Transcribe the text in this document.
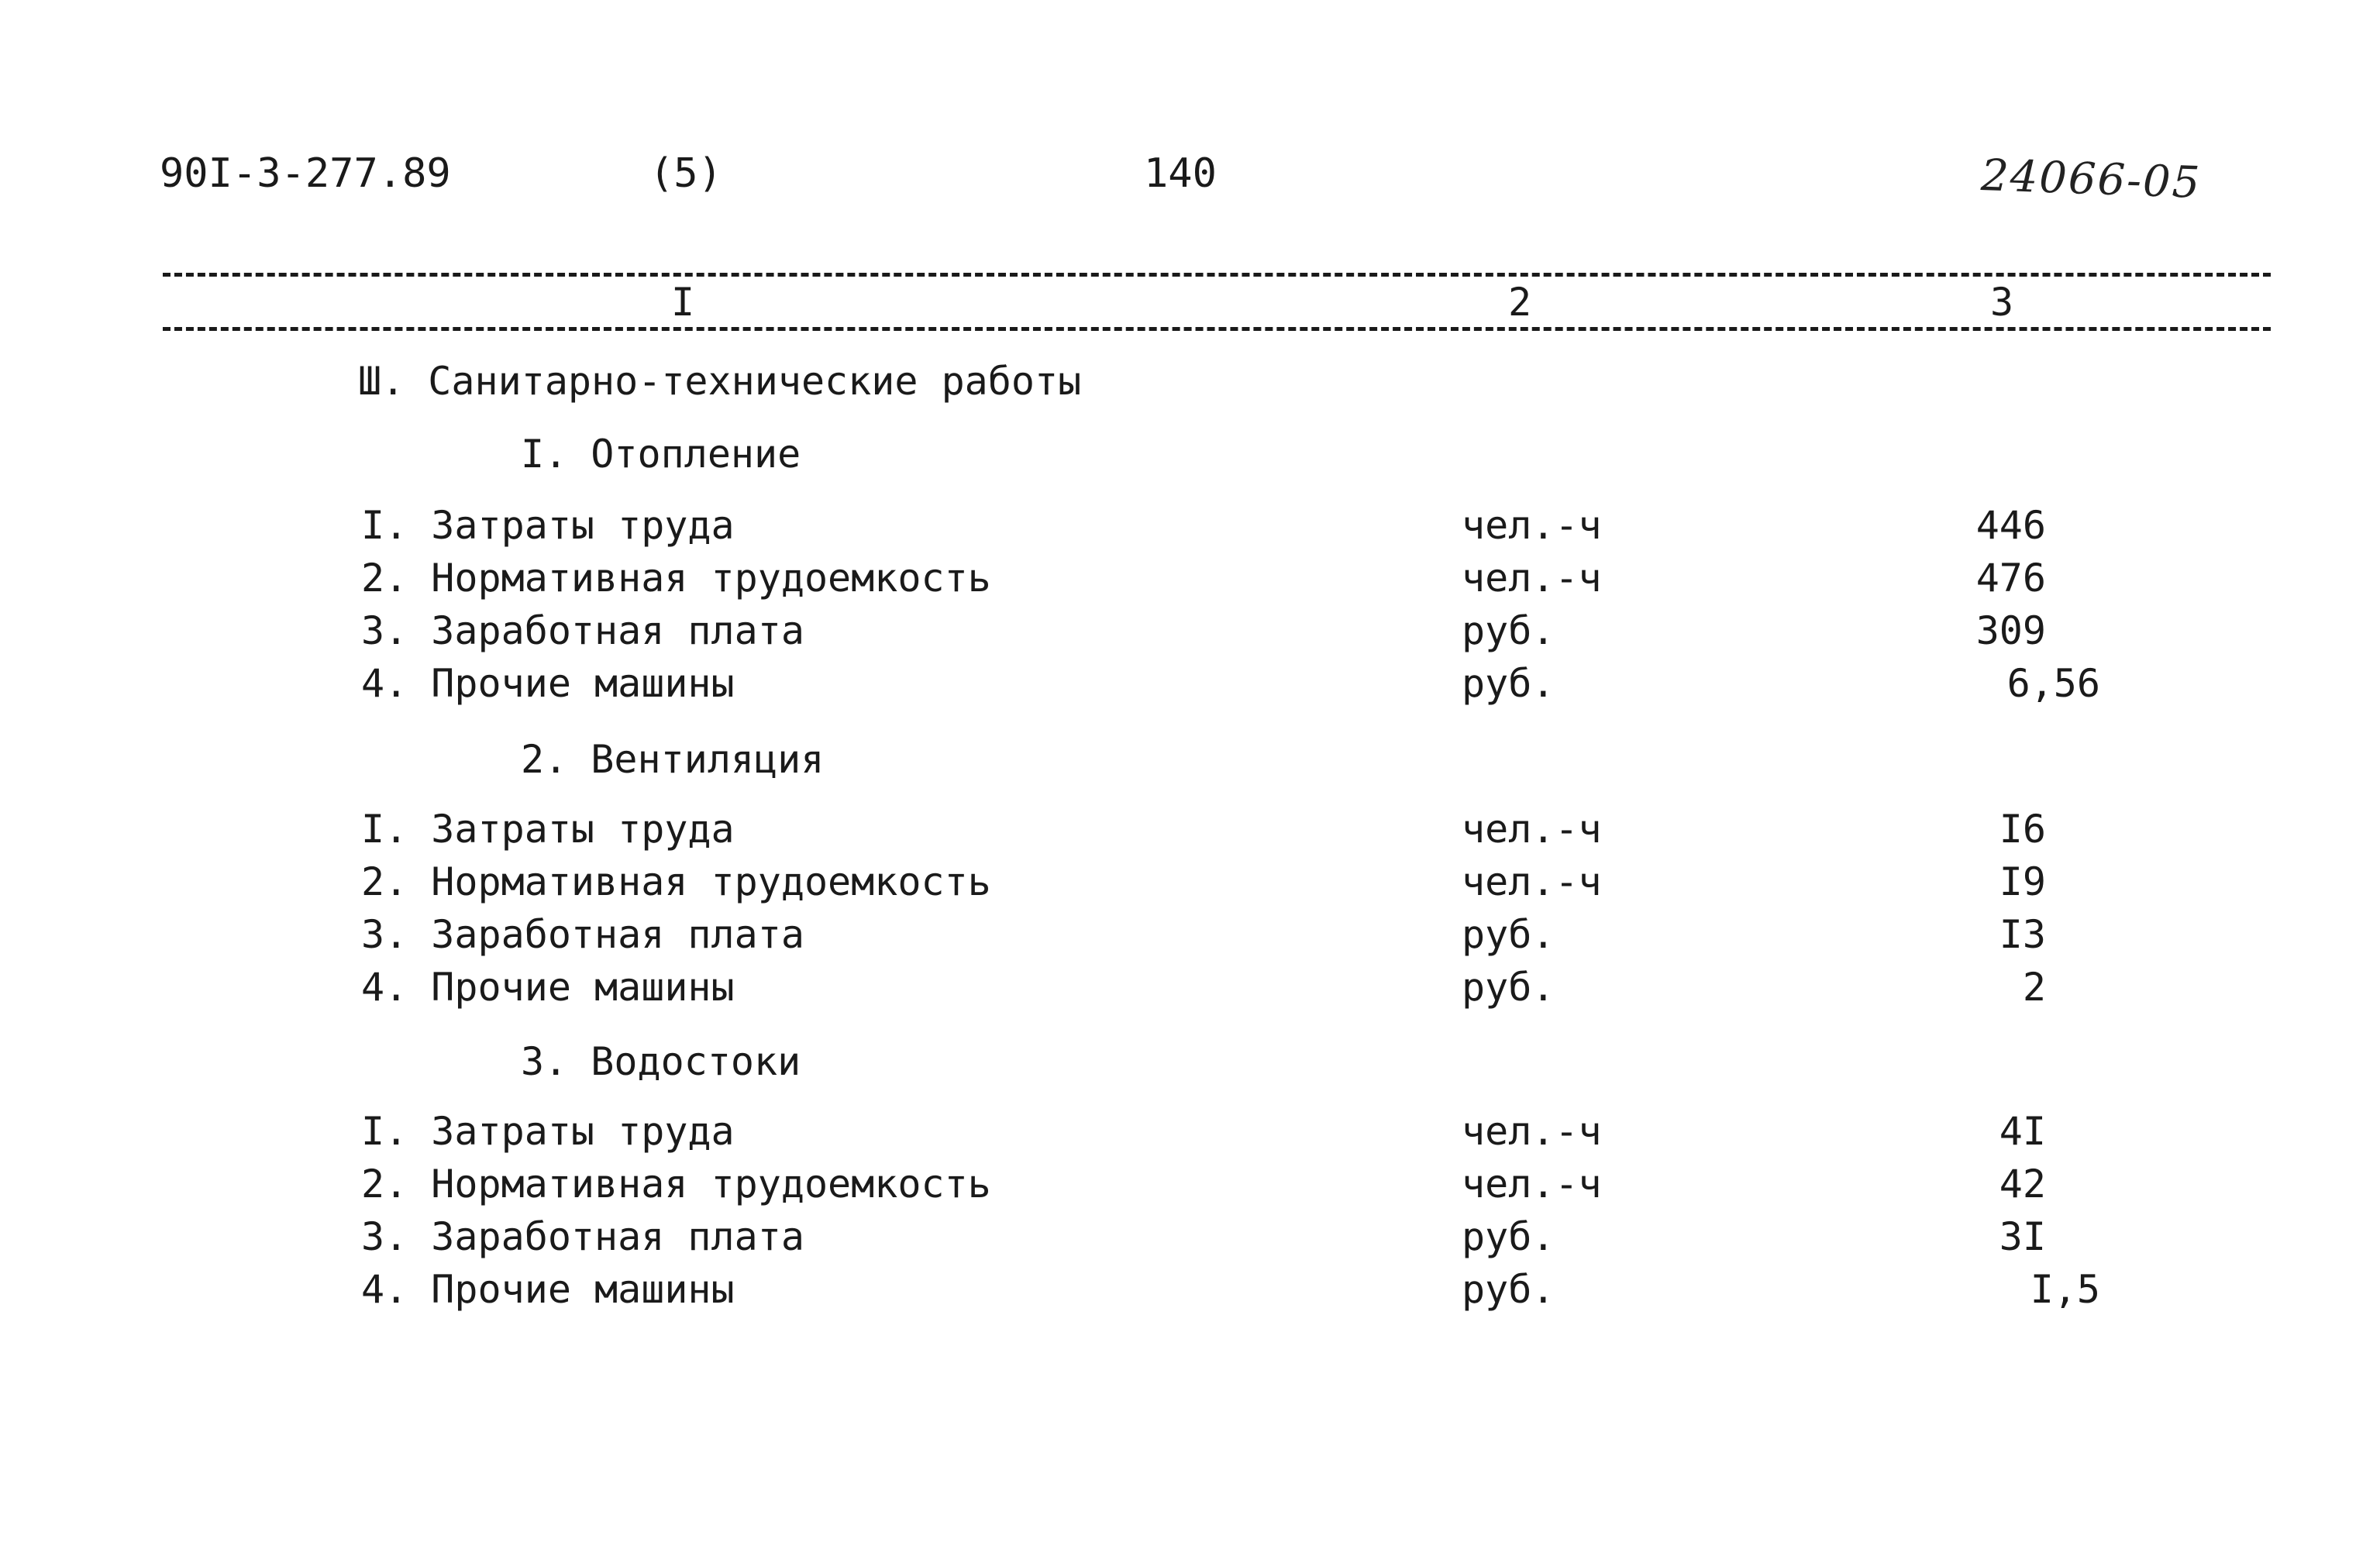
90I-3-277.89	(5)	140	24066-05
I	2	3
Ш. Санитарно-технические работы
I. Отопление
I. Затраты труда	чел.-ч	446
2. Нормативная трудоемкость	чел.-ч	476
3. Заработная плата	руб.	309
4. Прочие машины	руб.	6,56
2. Вентиляция
I. Затраты труда	чел.-ч	I6
2. Нормативная трудоемкость	чел.-ч	I9
3. Заработная плата	руб.	I3
4. Прочие машины	руб.	2
3. Водостоки
I. Затраты труда	чел.-ч	4I
2. Нормативная трудоемкость	чел.-ч	42
3. Заработная плата	руб.	3I
4. Прочие машины	руб.	I,5
